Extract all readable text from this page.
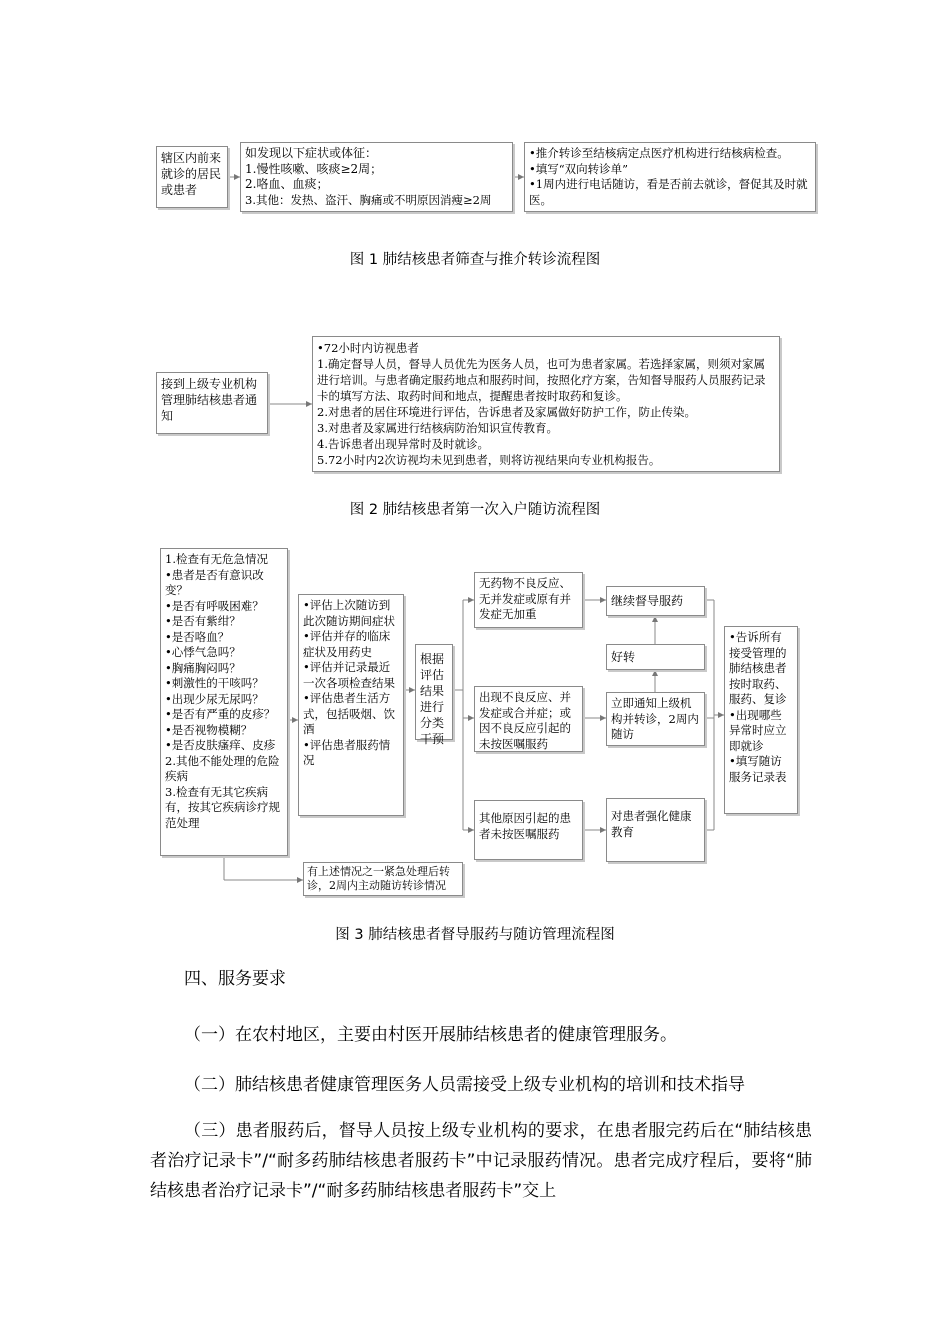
辖区内前来就诊的居民或患者
如发现以下症状或体征：
1.慢性咳嗽、咳痰≥2周；
2.咯血、血痰；
3.其他：发热、盗汗、胸痛或不明原因消瘦≥2周
•推介转诊至结核病定点医疗机构进行结核病检查。
•填写“双向转诊单”
•1周内进行电话随访，看是否前去就诊，督促其及时就医。
图 1 肺结核患者筛查与推介转诊流程图
接到上级专业机构管理肺结核患者通知
•72小时内访视患者
1.确定督导人员，督导人员优先为医务人员，也可为患者家属。若选择家属，则须对家属进行培训。与患者确定服药地点和服药时间，按照化疗方案，告知督导服药人员服药记录卡的填写方法、取药时间和地点，提醒患者按时取药和复诊。
2.对患者的居住环境进行评估，告诉患者及家属做好防护工作，防止传染。
3.对患者及家属进行结核病防治知识宣传教育。
4.告诉患者出现异常时及时就诊。
5.72小时内2次访视均未见到患者，则将访视结果向专业机构报告。
图 2 肺结核患者第一次入户随访流程图
1.检查有无危急情况
•患者是否有意识改变？
•是否有呼吸困难？
•是否有紫绀？
•是否咯血？
•心悸气急吗？
•胸痛胸闷吗？
•刺激性的干咳吗？
•出现少尿无尿吗？
•是否有严重的皮疹？
•是否视物模糊？
•是否皮肤瘙痒、皮疹
2.其他不能处理的危险疾病
3.检查有无其它疾病有，按其它疾病诊疗规范处理
•评估上次随访到此次随访期间症状
•评估并存的临床症状及用药史
•评估并记录最近一次各项检查结果
•评估患者生活方式，包括吸烟、饮酒
•评估患者服药情况
根据评估结果进行分类干预
无药物不良反应、无并发症或原有并发症无加重
出现不良反应、并发症或合并症；或因不良反应引起的未按医嘱服药
其他原因引起的患者未按医嘱服药
继续督导服药
好转
立即通知上级机构并转诊，2周内随访
对患者强化健康教育
•告诉所有接受管理的肺结核患者按时取药、服药、复诊
•出现哪些异常时应立即就诊
•填写随访服务记录表
有上述情况之一紧急处理后转诊，2周内主动随访转诊情况
图 3 肺结核患者督导服药与随访管理流程图
四、服务要求
（一）在农村地区，主要由村医开展肺结核患者的健康管理服务。
（二）肺结核患者健康管理医务人员需接受上级专业机构的培训和技术指导
（三）患者服药后，督导人员按上级专业机构的要求，在患者服完药后在“肺结核患者治疗记录卡”/“耐多药肺结核患者服药卡”中记录服药情况。患者完成疗程后，要将“肺结核患者治疗记录卡”/“耐多药肺结核患者服药卡”交上
